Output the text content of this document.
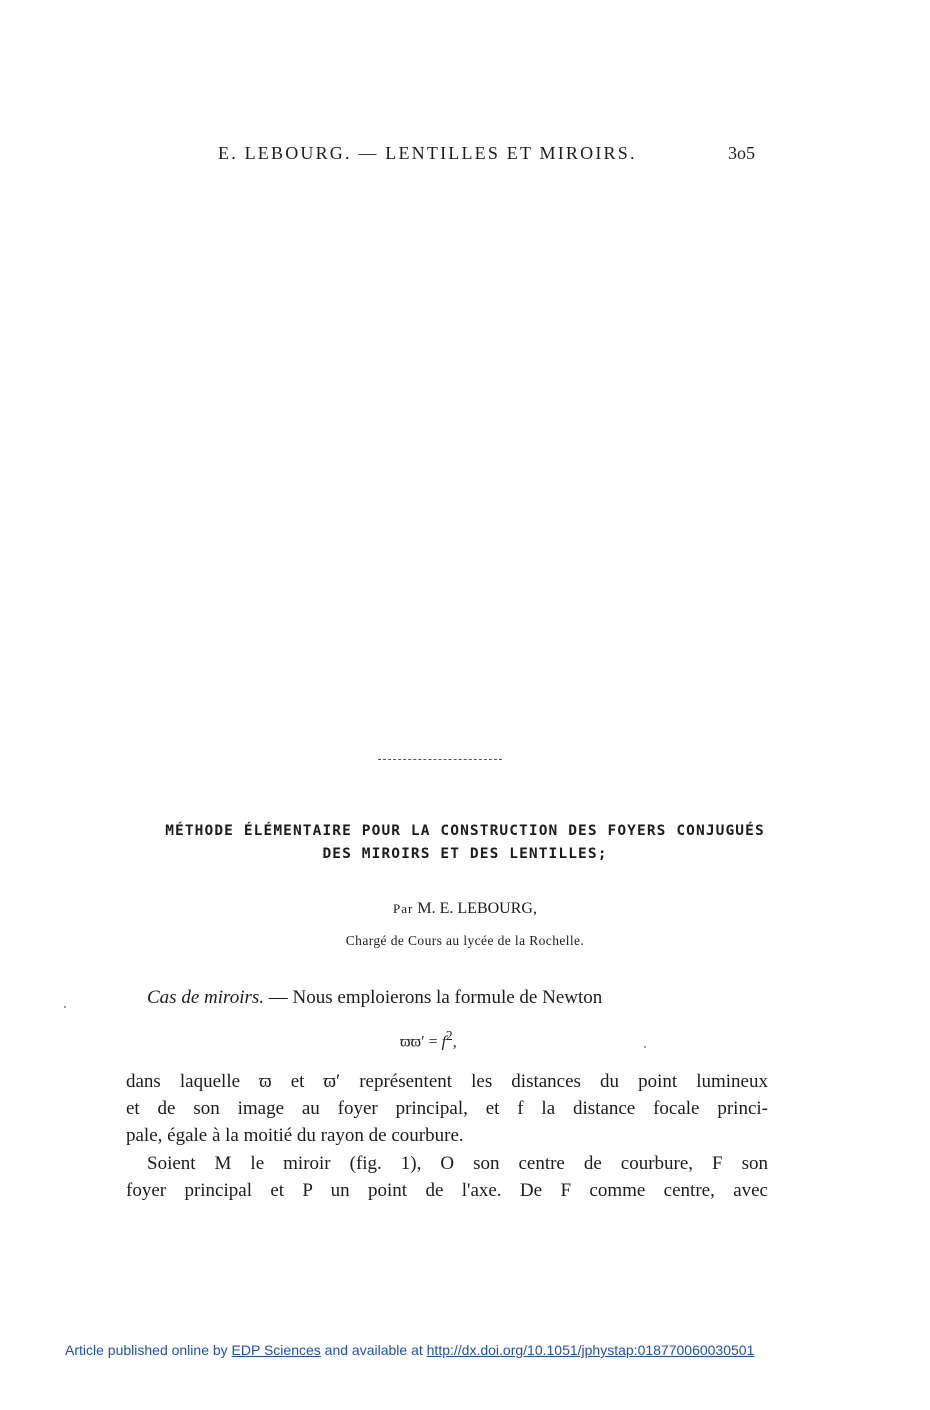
E. LEBOURG. — LENTILLES ET MIROIRS.	3o5
MÉTHODE ÉLÉMENTAIRE POUR LA CONSTRUCTION DES FOYERS CONJUGUÉS
DES MIROIRS ET DES LENTILLES;
Par M. E. LEBOURG,
Chargé de Cours au lycée de la Rochelle.
Cas de miroirs. — Nous emploierons la formule de Newton
$ϖϖ' = f^2$,
dans laquelle ϖ et ϖ′ représentent les distances du point lumineux
et de son image au foyer principal, et f la distance focale princi-
pale, égale à la moitié du rayon de courbure.
Soient M le miroir (fig. 1), O son centre de courbure, F son
foyer principal et P un point de l'axe. De F comme centre, avec
Article published online by EDP Sciences and available at http://dx.doi.org/10.1051/jphystap:018770060030501
